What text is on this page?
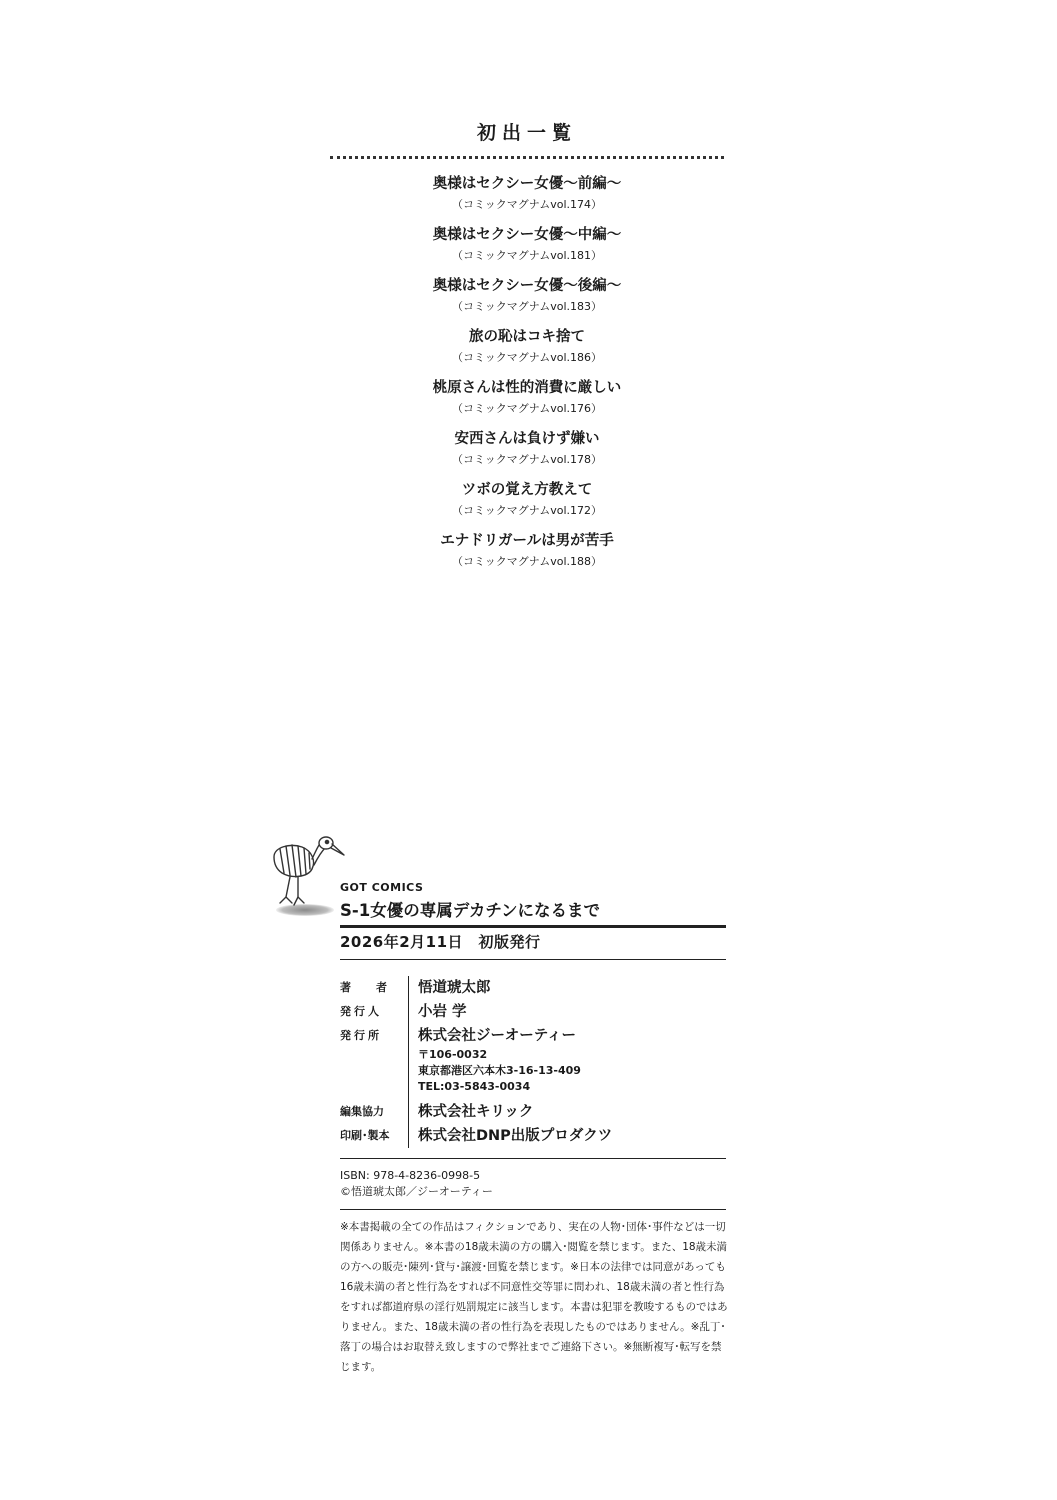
初出一覧
奥様はセクシー女優〜前編〜
（コミックマグナムvol.174）
奥様はセクシー女優〜中編〜
（コミックマグナムvol.181）
奥様はセクシー女優〜後編〜
（コミックマグナムvol.183）
旅の恥はコキ捨て
（コミックマグナムvol.186）
桃原さんは性的消費に厳しい
（コミックマグナムvol.176）
安西さんは負けず嫌い
（コミックマグナムvol.178）
ツボの覚え方教えて
（コミックマグナムvol.172）
エナドリガールは男が苦手
（コミックマグナムvol.188）
GOT COMICS
S-1女優の専属デカチンになるまで
2026年2月11日　初版発行
著　者	悟道琥太郎
発行人	小岩 学
発行所	株式会社ジーオーティー
〒106-0032
東京都港区六本木3-16-13-409
TEL:03-5843-0034
編集協力	株式会社キリック
印刷･製本	株式会社DNP出版プロダクツ
ISBN: 978-4-8236-0998-5
©悟道琥太郎／ジーオーティー
※本書掲載の全ての作品はフィクションであり、実在の人物･団体･事件などは一切関係ありません。※本書の18歳未満の方の購入･閲覧を禁じます。また、18歳未満の方への販売･陳列･貸与･譲渡･回覧を禁じます。※日本の法律では同意があっても16歳未満の者と性行為をすれば不同意性交等罪に問われ、18歳未満の者と性行為をすれば都道府県の淫行処罰規定に該当します。本書は犯罪を教唆するものではありません。また、18歳未満の者の性行為を表現したものではありません。※乱丁･落丁の場合はお取替え致しますので弊社までご連絡下さい。※無断複写･転写を禁じます。
